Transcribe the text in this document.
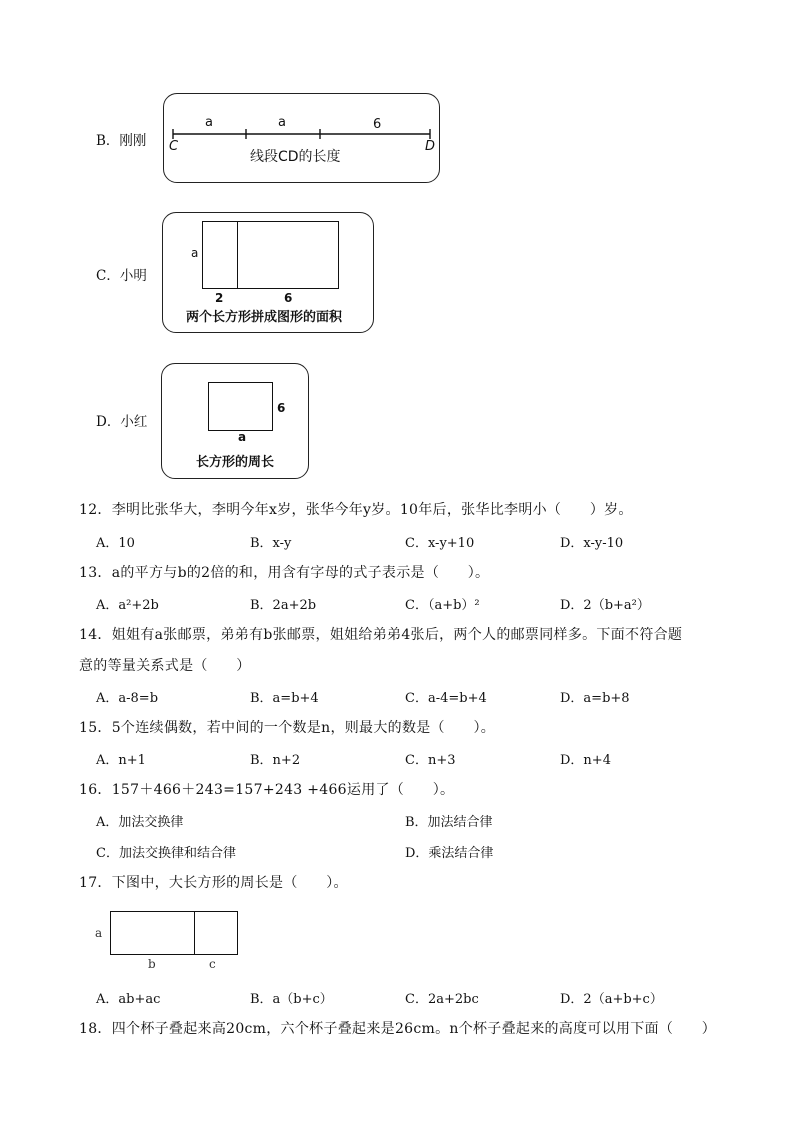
B．刚刚
a	a	6
C	D
线段CD的长度
C．小明
a
2	6
两个长方形拼成图形的面积
D．小红
6
a
长方形的周长
12．李明比张华大，李明今年x岁，张华今年y岁。10年后，张华比李明小（　　）岁。
A．10	B．x-y	C．x-y+10	D．x-y-10
13．a的平方与b的2倍的和，用含有字母的式子表示是（　　）。
A．a²+2b	B．2a+2b	C．（a+b）²	D．2（b+a²）
14．姐姐有a张邮票，弟弟有b张邮票，姐姐给弟弟4张后，两个人的邮票同样多。下面不符合题
意的等量关系式是（　　）
A．a-8=b	B．a=b+4	C．a-4=b+4	D．a=b+8
15．5个连续偶数，若中间的一个数是n，则最大的数是（　　）。
A．n+1	B．n+2	C．n+3	D．n+4
16．157＋466＋243=157+243 +466运用了（　　）。
A．加法交换律	B．加法结合律
C．加法交换律和结合律	D．乘法结合律
17．下图中，大长方形的周长是（　　）。
a
b	c
A．ab+ac	B．a（b+c）	C．2a+2bc	D．2（a+b+c）
18．四个杯子叠起来高20cm，六个杯子叠起来是26cm。n个杯子叠起来的高度可以用下面（　　）
